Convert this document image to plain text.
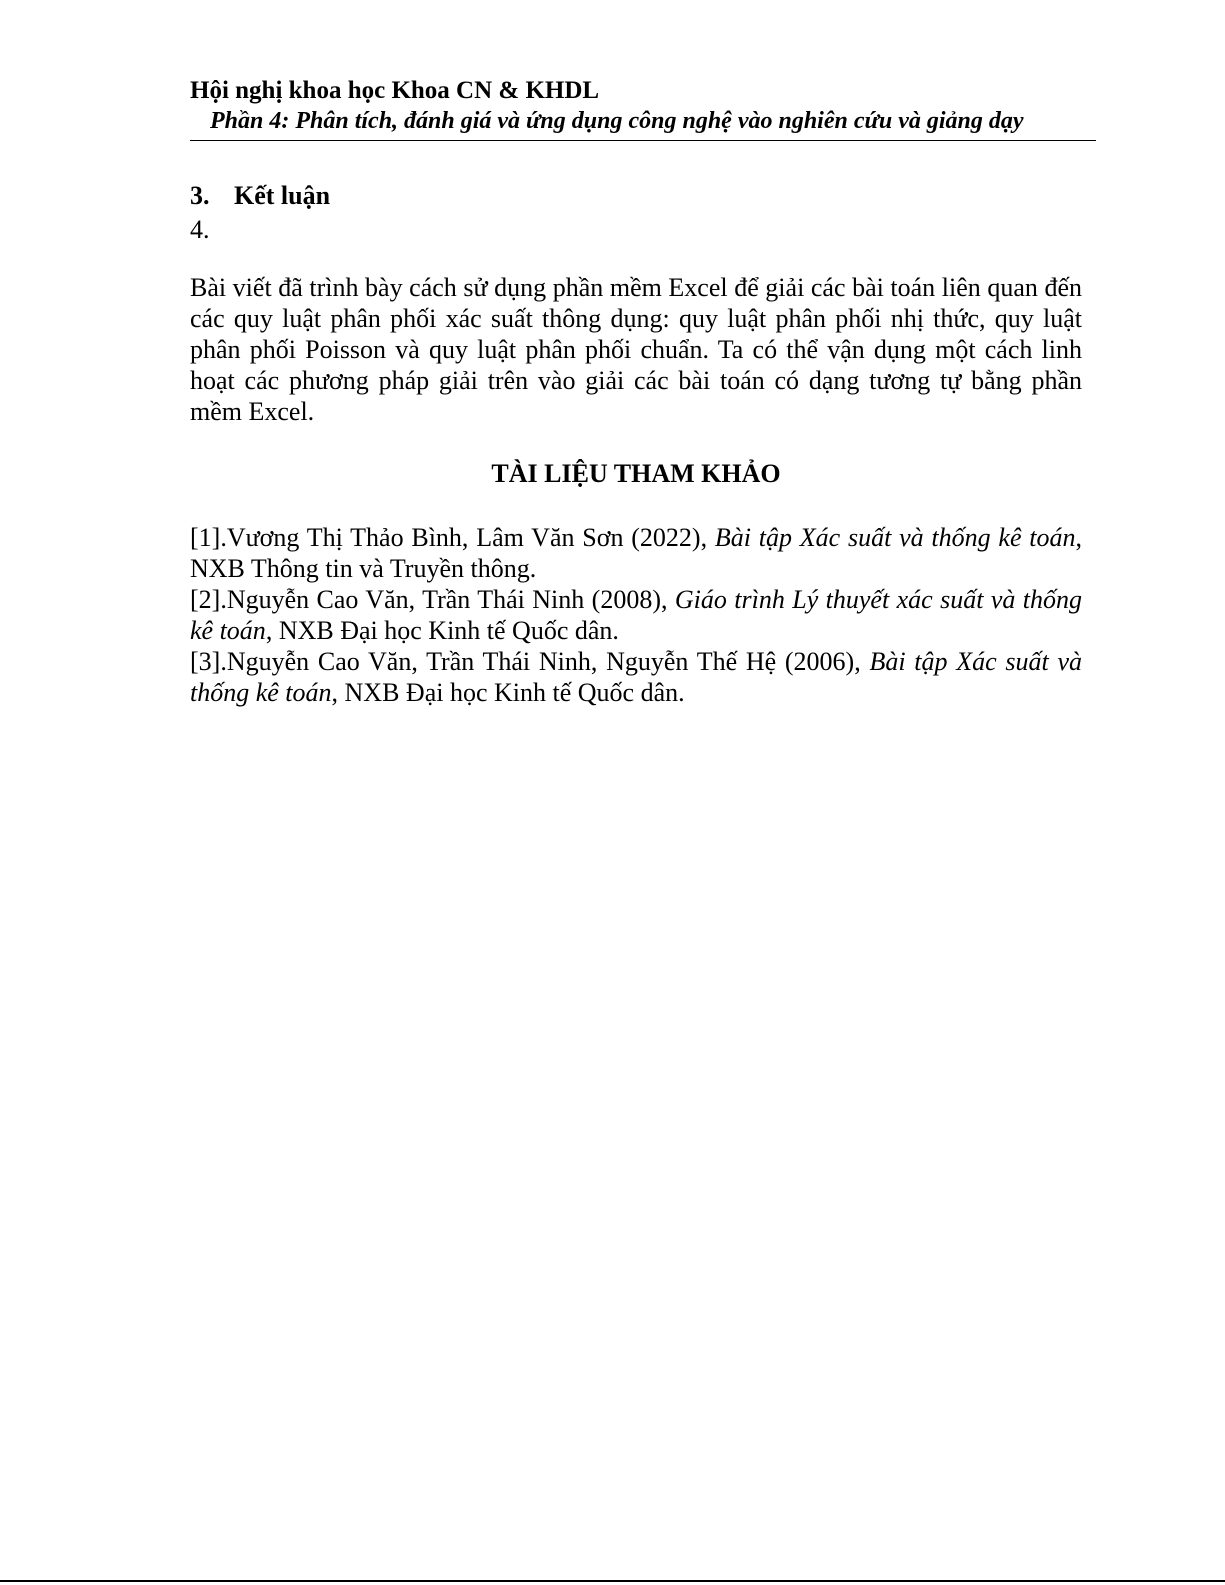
Hội nghị khoa học Khoa CN & KHDL
Phần 4: Phân tích, đánh giá và ứng dụng công nghệ vào nghiên cứu và giảng dạy
3. Kết luận
4.

Bài viết đã trình bày cách sử dụng phần mềm Excel để giải các bài toán liên quan đến các quy luật phân phối xác suất thông dụng: quy luật phân phối nhị thức, quy luật phân phối Poisson và quy luật phân phối chuẩn. Ta có thể vận dụng một cách linh hoạt các phương pháp giải trên vào giải các bài toán có dạng tương tự bằng phần mềm Excel.

TÀI LIỆU THAM KHẢO

[1].Vương Thị Thảo Bình, Lâm Văn Sơn (2022), Bài tập Xác suất và thống kê toán, NXB Thông tin và Truyền thông.

[2].Nguyễn Cao Văn, Trần Thái Ninh (2008), Giáo trình Lý thuyết xác suất và thống kê toán, NXB Đại học Kinh tế Quốc dân.

[3].Nguyễn Cao Văn, Trần Thái Ninh, Nguyễn Thế Hệ (2006), Bài tập Xác suất và thống kê toán, NXB Đại học Kinh tế Quốc dân.
